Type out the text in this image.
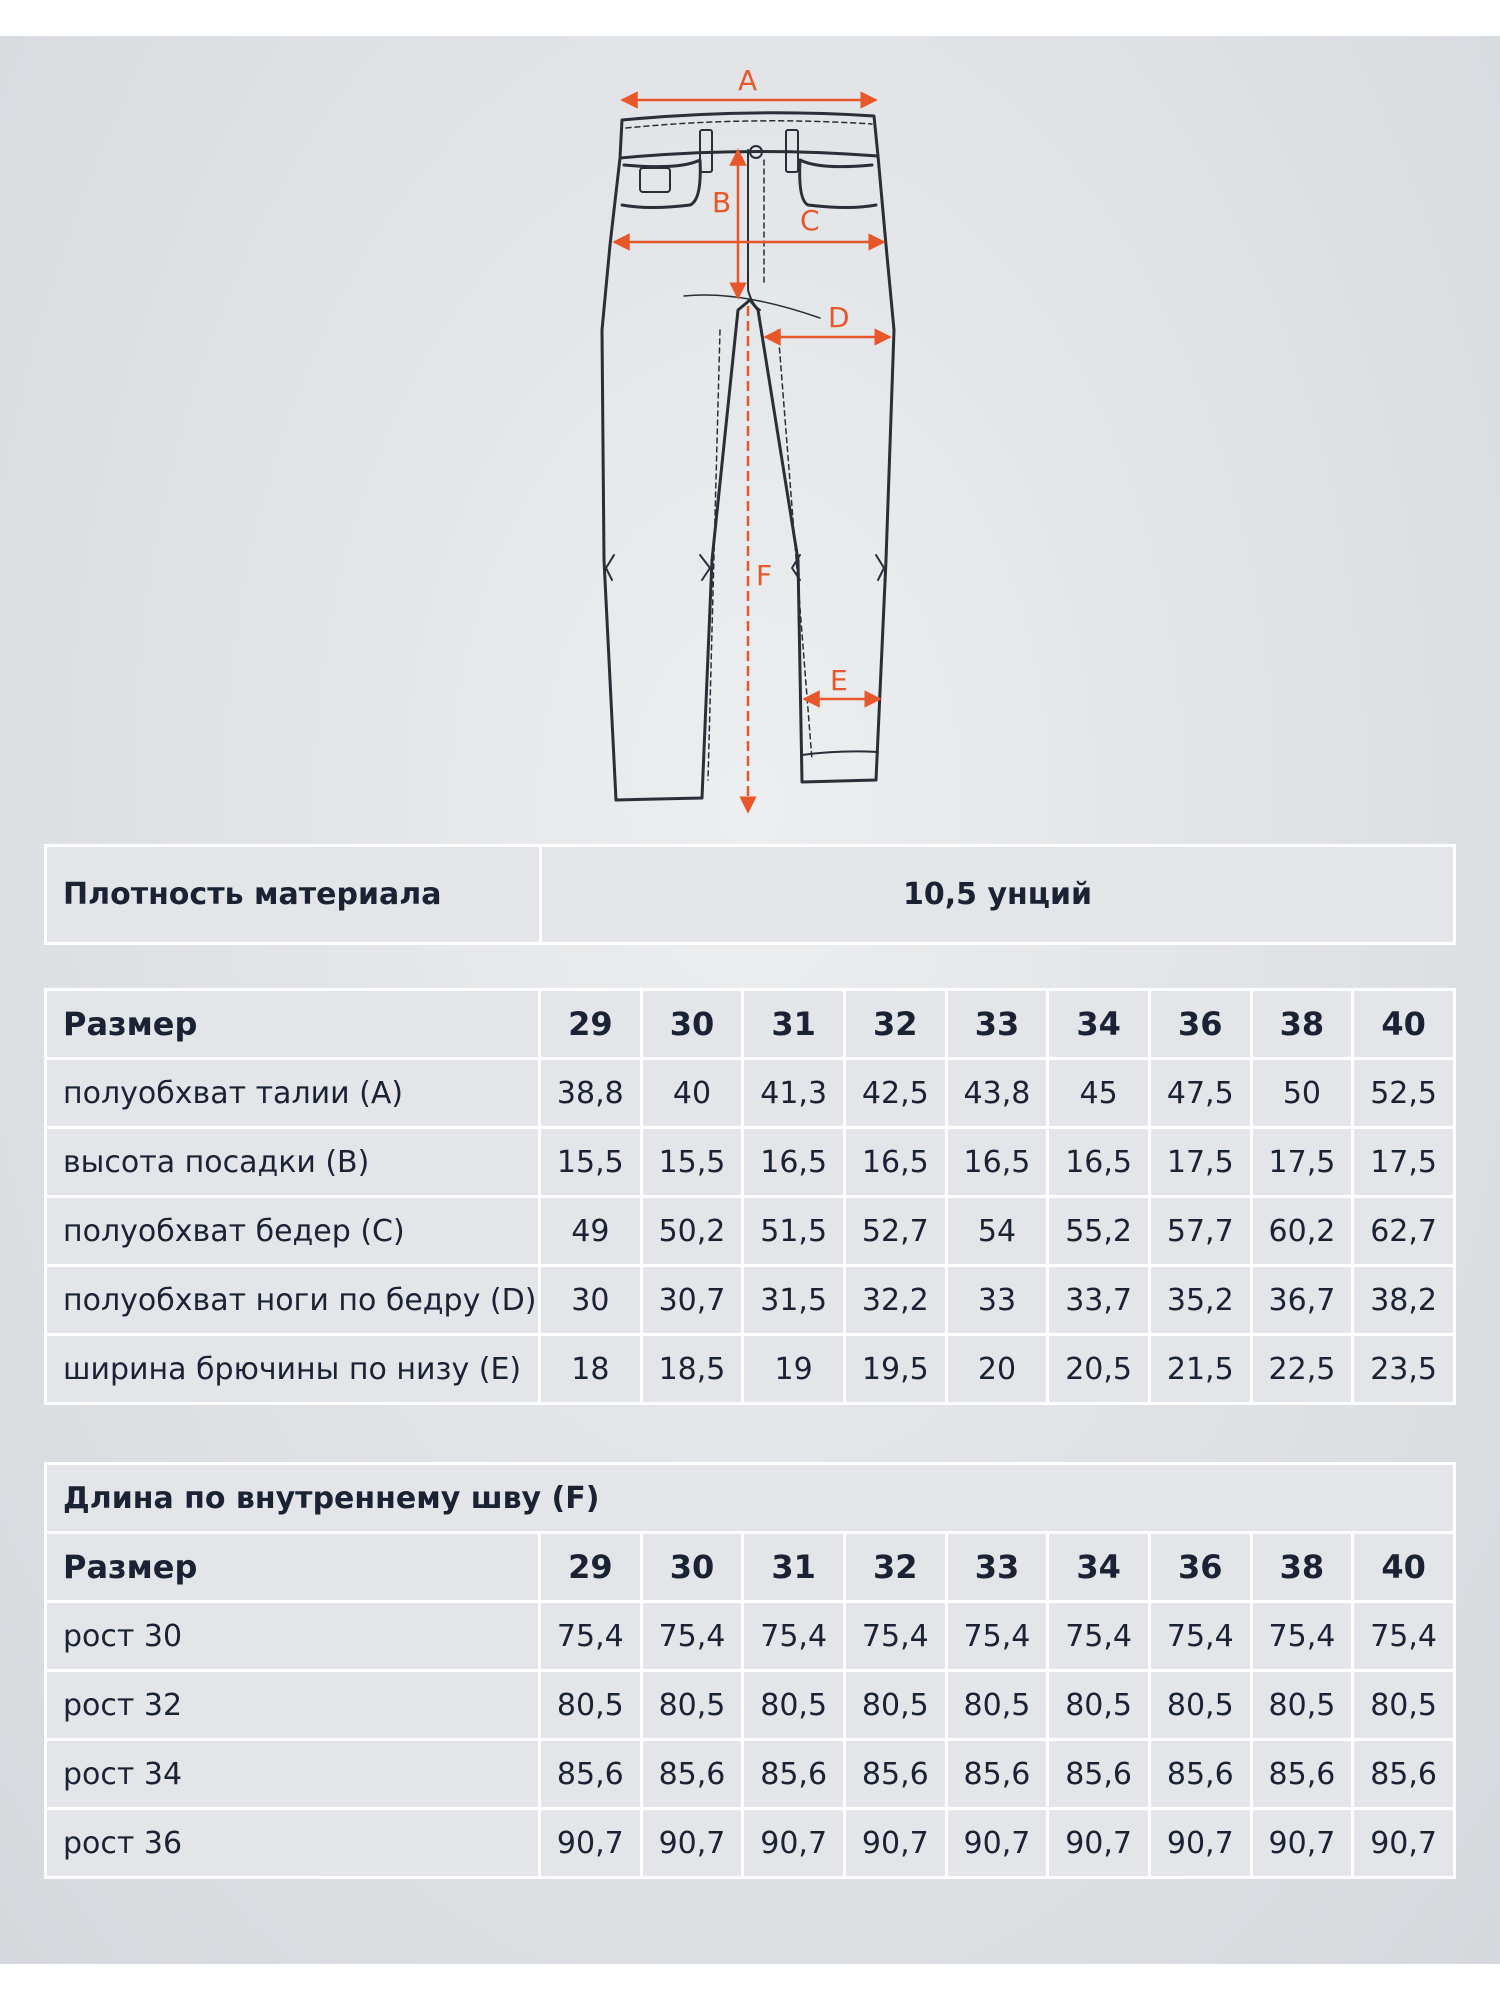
A
B
C
D
F
E
Плотность материала	10,5 унций
Размер	29	30	31	32	33	34	36	38	40
полуобхват талии (A)	38,8	40	41,3	42,5	43,8	45	47,5	50	52,5
высота посадки (B)	15,5	15,5	16,5	16,5	16,5	16,5	17,5	17,5	17,5
полуобхват бедер (C)	49	50,2	51,5	52,7	54	55,2	57,7	60,2	62,7
полуобхват ноги по бедру (D)	30	30,7	31,5	32,2	33	33,7	35,2	36,7	38,2
ширина брючины по низу (E)	18	18,5	19	19,5	20	20,5	21,5	22,5	23,5
Длина по внутреннему шву (F)									
Размер	29	30	31	32	33	34	36	38	40
рост 30	75,4	75,4	75,4	75,4	75,4	75,4	75,4	75,4	75,4
рост 32	80,5	80,5	80,5	80,5	80,5	80,5	80,5	80,5	80,5
рост 34	85,6	85,6	85,6	85,6	85,6	85,6	85,6	85,6	85,6
рост 36	90,7	90,7	90,7	90,7	90,7	90,7	90,7	90,7	90,7
